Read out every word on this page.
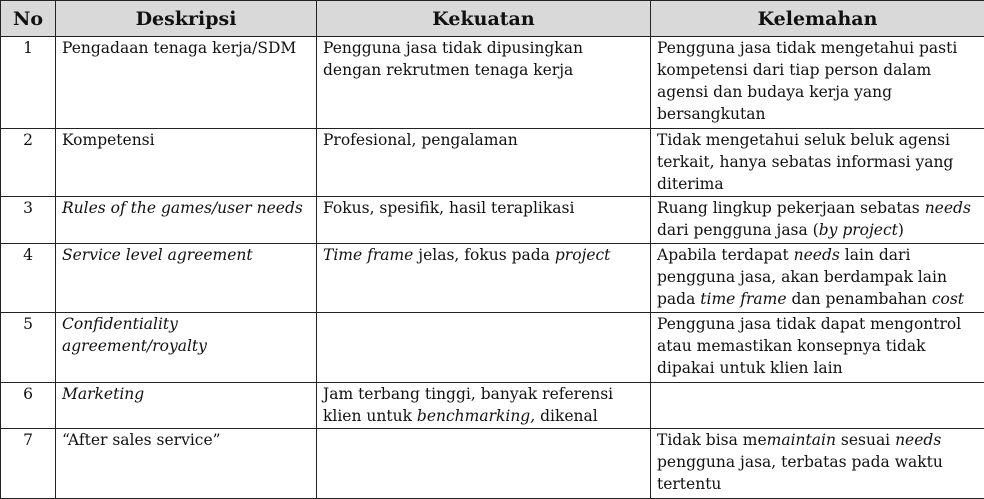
No	Deskripsi	Kekuatan	Kelemahan
1	Pengadaan tenaga kerja/SDM	Pengguna jasa tidak dipusingkan dengan rekrutmen tenaga kerja	Pengguna jasa tidak mengetahui pasti kompetensi dari tiap person dalam agensi dan budaya kerja yang bersangkutan
2	Kompetensi	Profesional, pengalaman	Tidak mengetahui seluk beluk agensi terkait, hanya sebatas informasi yang diterima
3	Rules of the games/user needs	Fokus, spesifik, hasil teraplikasi	Ruang lingkup pekerjaan sebatas needs dari pengguna jasa (by project)
4	Service level agreement	Time frame jelas, fokus pada project	Apabila terdapat needs lain dari pengguna jasa, akan berdampak lain pada time frame dan penambahan cost
5	Confidentiality agreement/royalty		Pengguna jasa tidak dapat mengontrol atau memastikan konsepnya tidak dipakai untuk klien lain
6	Marketing	Jam terbang tinggi, banyak referensi klien untuk benchmarking, dikenal	
7	“After sales service”		Tidak bisa memaintain sesuai needs pengguna jasa, terbatas pada waktu tertentu
